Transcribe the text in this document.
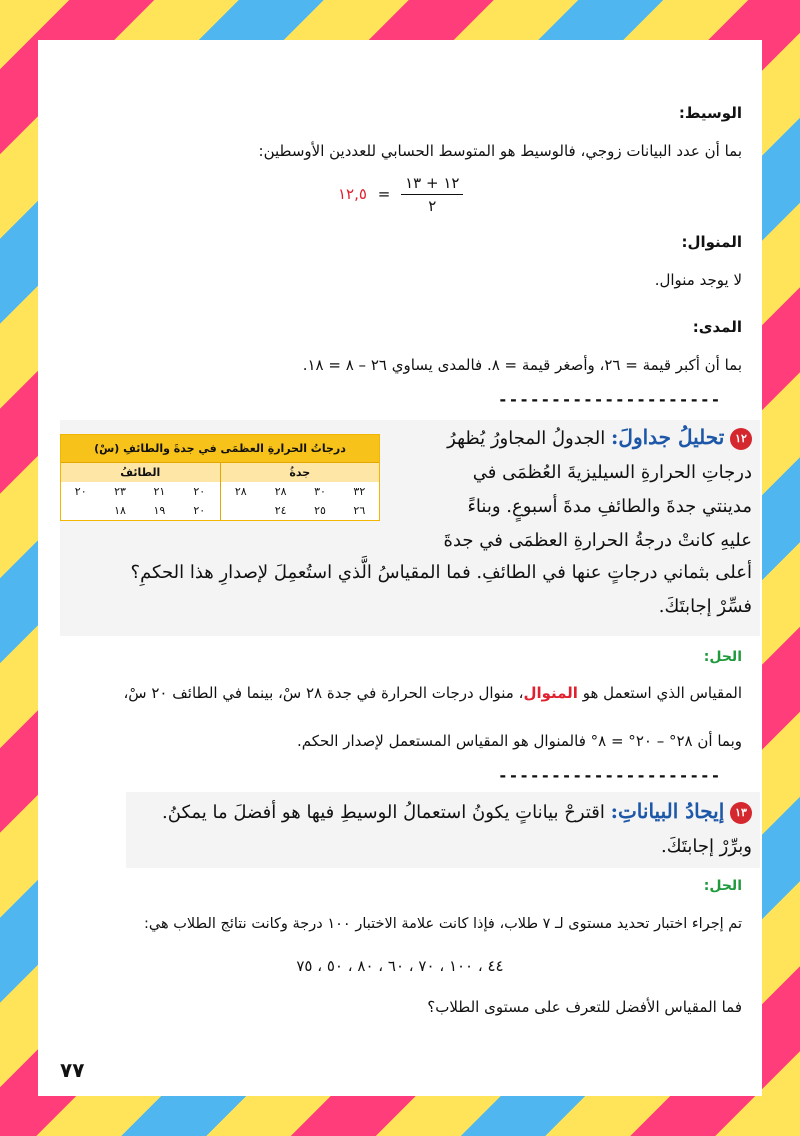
الوسيط:
بما أن عدد البيانات زوجي، فالوسيط هو المتوسط الحسابي للعددين الأوسطين:
١٢,٥ = $\frac{١٢ + ١٣}{٢}$
المنوال:
لا يوجد منوال.
المدى:
بما أن أكبر قيمة = ٢٦، وأصغر قيمة = ٨. فالمدى يساوي ٢٦ – ٨ = ١٨.
---------------------
١٢ تحليلُ جداولَ: الجدولُ المجاورُ يُظهرُ
درجاتِ الحرارةِ السيليزيةَ العُظمَى في
مدينتي جدةَ والطائفِ مدةَ أسبوعٍ. وبناءً
عليهِ كانتْ درجةُ الحرارةِ العظمَى في جدةَ
أعلى بثماني درجاتٍ عنها في الطائفِ. فما المقياسُ الَّذي استُعمِلَ لإصدارِ هذا الحكمِ؟
فسِّرْ إجابتَكَ.
درجاتُ الحرارةِ العظمَى في جدةَ والطائفِ (سْ)
جدةُ				الطائفُ			
٣٢	٣٠	٢٨	٢٨	٢٠	٢١	٢٣	٢٠
٢٦	٢٥	٢٤		٢٠	١٩	١٨	
الحل:
المقياس الذي استعمل هو المنوال، منوال درجات الحرارة في جدة ٢٨ سْ، بينما في الطائف ٢٠ سْ،
وبما أن ٢٨° – ٢٠° = ٨° فالمنوال هو المقياس المستعمل لإصدار الحكم.
---------------------
١٣ إيجادُ البياناتِ: اقترحْ بياناتٍ يكونُ استعمالُ الوسيطِ فيها هو أفضلَ ما يمكنُ.
وبرِّرْ إجابتَكَ.
الحل:
تم إجراء اختبار تحديد مستوى لـ ٧ طلاب، فإذا كانت علامة الاختبار ١٠٠ درجة وكانت نتائج الطلاب هي:
٤٤ ، ١٠٠ ، ٧٠ ، ٦٠ ، ٨٠ ، ٥٠ ، ٧٥
فما المقياس الأفضل للتعرف على مستوى الطلاب؟
٧٧
